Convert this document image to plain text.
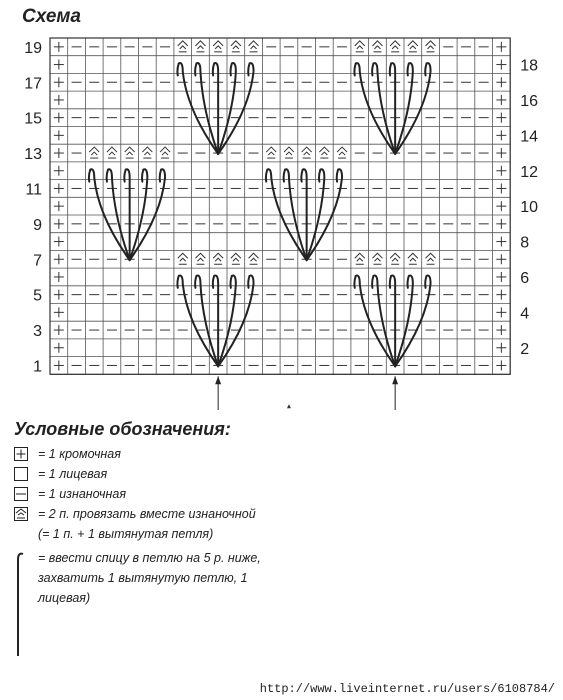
Схема
19
17
15
13
11
9
7
5
3
1
18
16
14
12
10
8
6
4
2
Условные обозначения:
= 1 кромочная
= 1 лицевая
= 1 изнаночная
= 2 п. провязать вместе изнаночной (= 1 п. + 1 вытянутая петля)
= ввести спицу в петлю на 5 р. ниже, захватить 1 вытянутую петлю, 1 лицевая)
http://www.liveinternet.ru/users/6108784/
